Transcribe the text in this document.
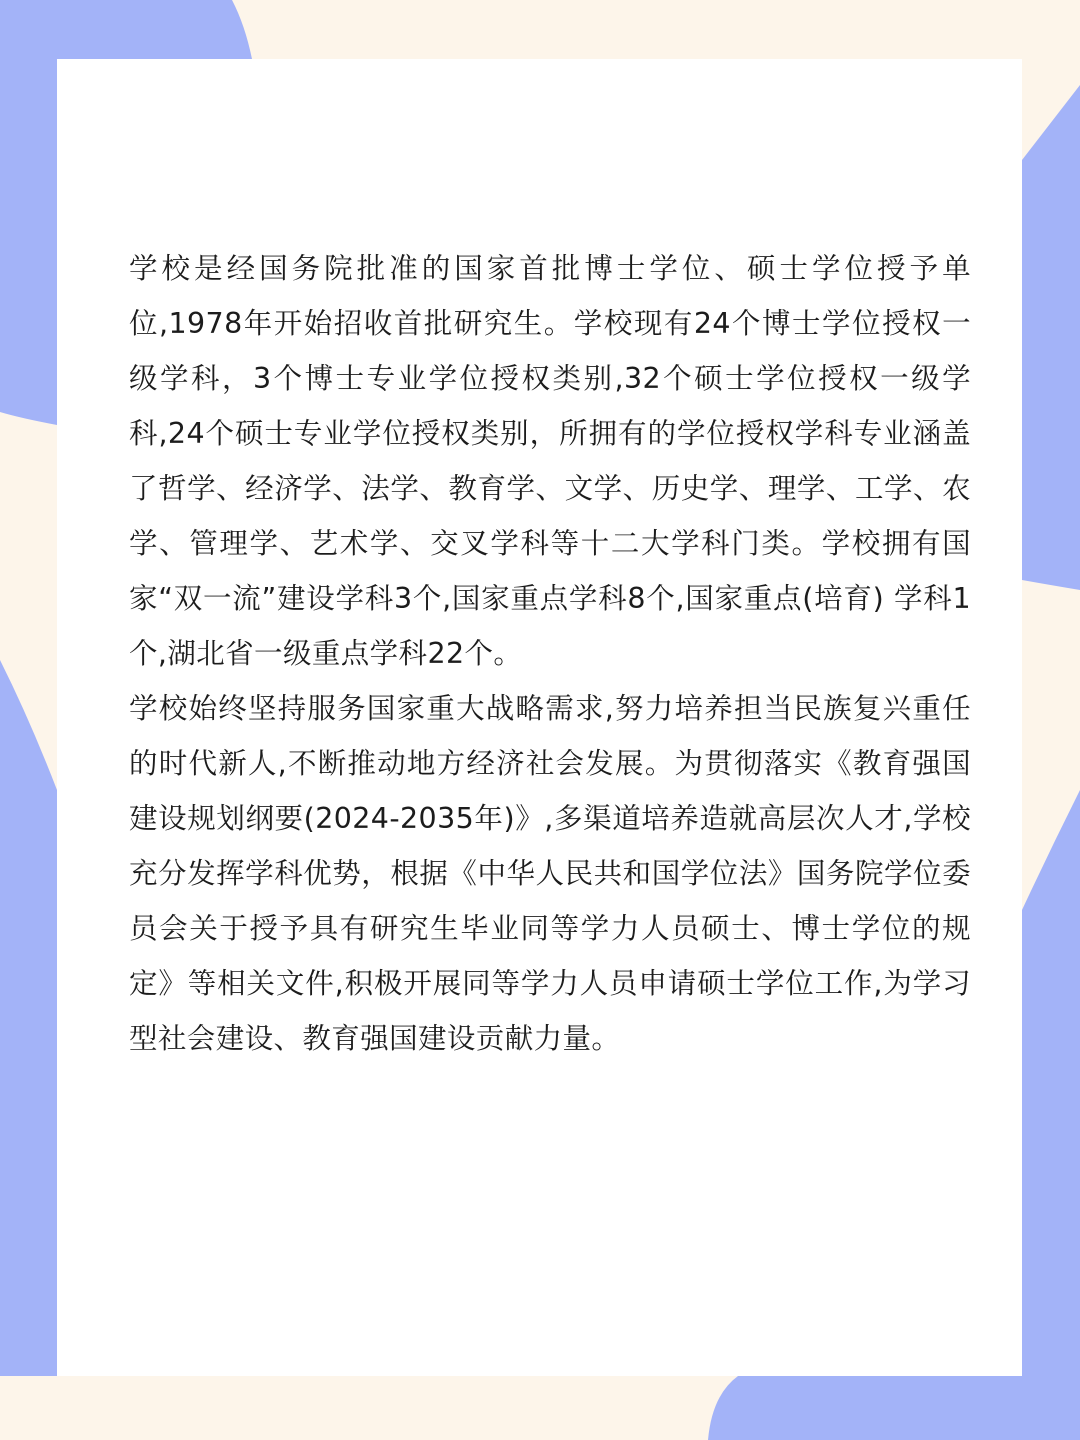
学校是经国务院批准的国家首批博士学位、硕士学位授予单位,1978年开始招收首批研究生。学校现有24个博士学位授权一级学科，3个博士专业学位授权类别,32个硕士学位授权一级学科,24个硕士专业学位授权类别，所拥有的学位授权学科专业涵盖了哲学、经济学、法学、教育学、文学、历史学、理学、工学、农学、管理学、艺术学、交叉学科等十二大学科门类。学校拥有国家“双一流”建设学科3个,国家重点学科8个,国家重点(培育) 学科1个,湖北省一级重点学科22个。

学校始终坚持服务国家重大战略需求,努力培养担当民族复兴重任的时代新人,不断推动地方经济社会发展。为贯彻落实《教育强国建设规划纲要(2024-2035年)》,多渠道培养造就高层次人才,学校充分发挥学科优势，根据《中华人民共和国学位法》国务院学位委员会关于授予具有研究生毕业同等学力人员硕士、博士学位的规定》等相关文件,积极开展同等学力人员申请硕士学位工作,为学习型社会建设、教育强国建设贡献力量。
